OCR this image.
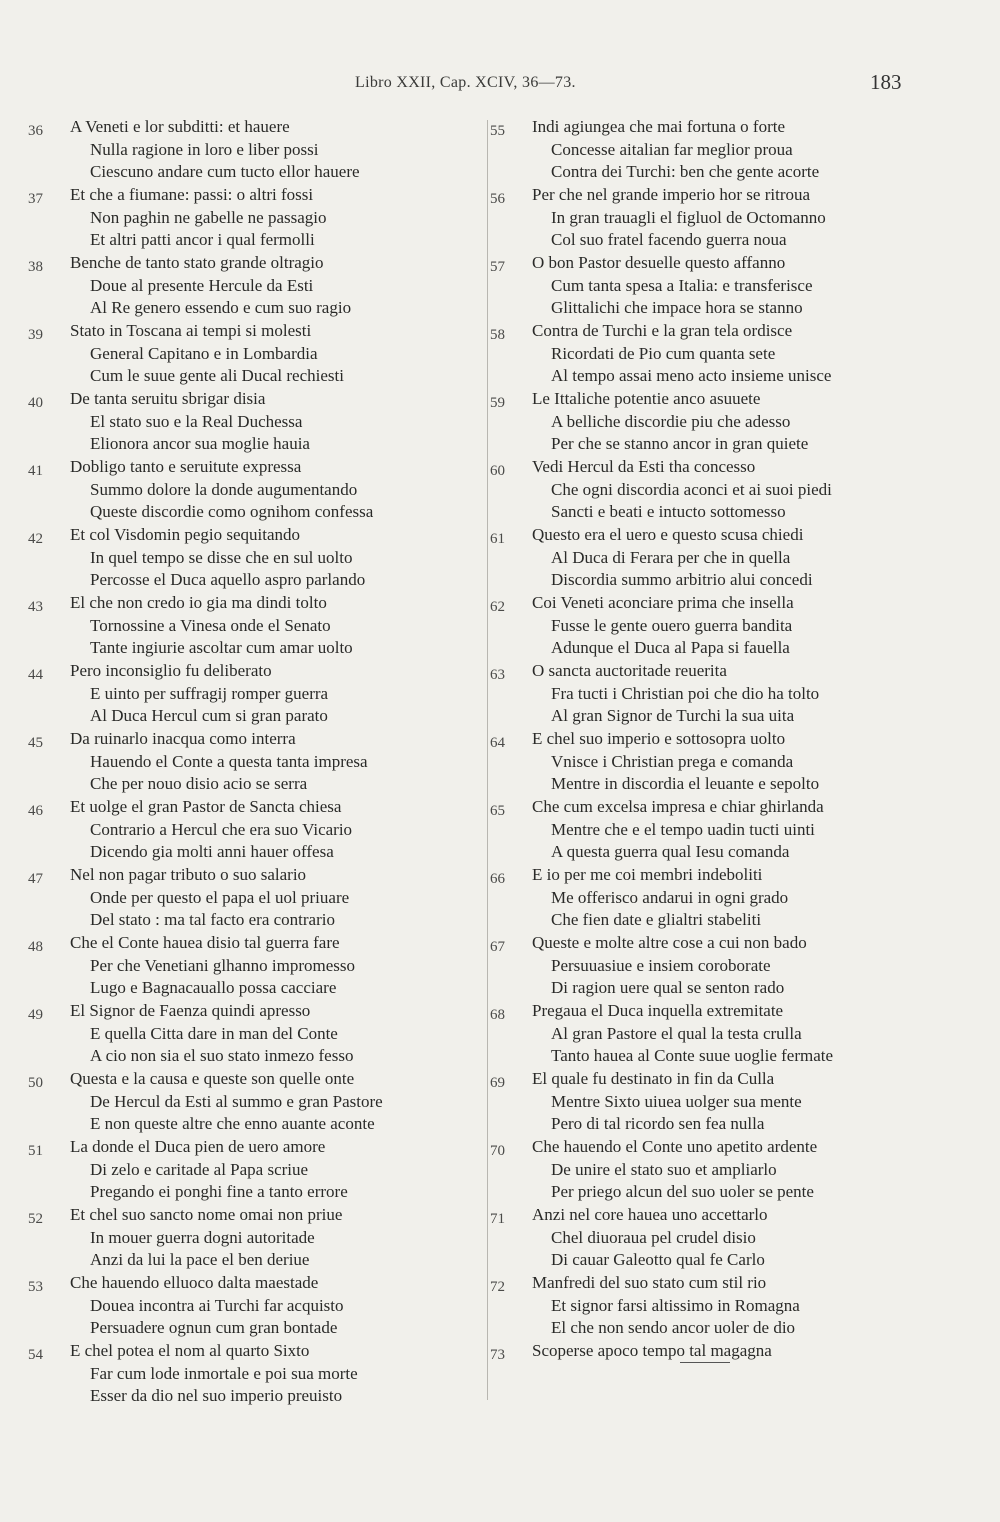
Libro XXII, Cap. XCIV, 36—73.	183
36	A Veneti e lor subditti: et hauere
Nulla ragione in loro e liber possi
Ciescuno andare cum tucto ellor hauere
37	Et che a fiumane: passi: o altri fossi
Non paghin ne gabelle ne passagio
Et altri patti ancor i qual fermolli
38	Benche de tanto stato grande oltragio
Doue al presente Hercule da Esti
Al Re genero essendo e cum suo ragio
39	Stato in Toscana ai tempi si molesti
General Capitano e in Lombardia
Cum le suue gente ali Ducal rechiesti
40	De tanta seruitu sbrigar disia
El stato suo e la Real Duchessa
Elionora ancor sua moglie hauia
41	Dobligo tanto e seruitute expressa
Summo dolore la donde augumentando
Queste discordie como ognihom confessa
42	Et col Visdomin pegio sequitando
In quel tempo se disse che en sul uolto
Percosse el Duca aquello aspro parlando
43	El che non credo io gia ma dindi tolto
Tornossine a Vinesa onde el Senato
Tante ingiurie ascoltar cum amar uolto
44	Pero inconsiglio fu deliberato
E uinto per suffragij romper guerra
Al Duca Hercul cum si gran parato
45	Da ruinarlo inacqua como interra
Hauendo el Conte a questa tanta impresa
Che per nouo disio acio se serra
46	Et uolge el gran Pastor de Sancta chiesa
Contrario a Hercul che era suo Vicario
Dicendo gia molti anni hauer offesa
47	Nel non pagar tributo o suo salario
Onde per questo el papa el uol priuare
Del stato : ma tal facto era contrario
48	Che el Conte hauea disio tal guerra fare
Per che Venetiani glhanno impromesso
Lugo e Bagnacauallo possa cacciare
49	El Signor de Faenza quindi apresso
E quella Citta dare in man del Conte
A cio non sia el suo stato inmezo fesso
50	Questa e la causa e queste son quelle onte
De Hercul da Esti al summo e gran Pastore
E non queste altre che enno auante aconte
51	La donde el Duca pien de uero amore
Di zelo e caritade al Papa scriue
Pregando ei ponghi fine a tanto errore
52	Et chel suo sancto nome omai non priue
In mouer guerra dogni autoritade
Anzi da lui la pace el ben deriue
53	Che hauendo elluoco dalta maestade
Douea incontra ai Turchi far acquisto
Persuadere ognun cum gran bontade
54	E chel potea el nom al quarto Sixto
Far cum lode inmortale e poi sua morte
Esser da dio nel suo imperio preuisto
55	Indi agiungea che mai fortuna o forte
Concesse aitalian far meglior proua
Contra dei Turchi: ben che gente acorte
56	Per che nel grande imperio hor se ritroua
In gran trauagli el figluol de Octomanno
Col suo fratel facendo guerra noua
57	O bon Pastor desuelle questo affanno
Cum tanta spesa a Italia: e transferisce
Glittalichi che impace hora se stanno
58	Contra de Turchi e la gran tela ordisce
Ricordati de Pio cum quanta sete
Al tempo assai meno acto insieme unisce
59	Le Ittaliche potentie anco asuuete
A belliche discordie piu che adesso
Per che se stanno ancor in gran quiete
60	Vedi Hercul da Esti tha concesso
Che ogni discordia aconci et ai suoi piedi
Sancti e beati e intucto sottomesso
61	Questo era el uero e questo scusa chiedi
Al Duca di Ferara per che in quella
Discordia summo arbitrio alui concedi
62	Coi Veneti aconciare prima che insella
Fusse le gente ouero guerra bandita
Adunque el Duca al Papa si fauella
63	O sancta auctoritade reuerita
Fra tucti i Christian poi che dio ha tolto
Al gran Signor de Turchi la sua uita
64	E chel suo imperio e sottosopra uolto
Vnisce i Christian prega e comanda
Mentre in discordia el leuante e sepolto
65	Che cum excelsa impresa e chiar ghirlanda
Mentre che e el tempo uadin tucti uinti
A questa guerra qual Iesu comanda
66	E io per me coi membri indeboliti
Me offerisco andarui in ogni grado
Che fien date e glialtri stabeliti
67	Queste e molte altre cose a cui non bado
Persuuasiue e insiem coroborate
Di ragion uere qual se senton rado
68	Pregaua el Duca inquella extremitate
Al gran Pastore el qual la testa crulla
Tanto hauea al Conte suue uoglie fermate
69	El quale fu destinato in fin da Culla
Mentre Sixto uiuea uolger sua mente
Pero di tal ricordo sen fea nulla
70	Che hauendo el Conte uno apetito ardente
De unire el stato suo et ampliarlo
Per priego alcun del suo uoler se pente
71	Anzi nel core hauea uno accettarlo
Chel diuoraua pel crudel disio
Di cauar Galeotto qual fe Carlo
72	Manfredi del suo stato cum stil rio
Et signor farsi altissimo in Romagna
El che non sendo ancor uoler de dio
73	Scoperse apoco tempo tal magagna
